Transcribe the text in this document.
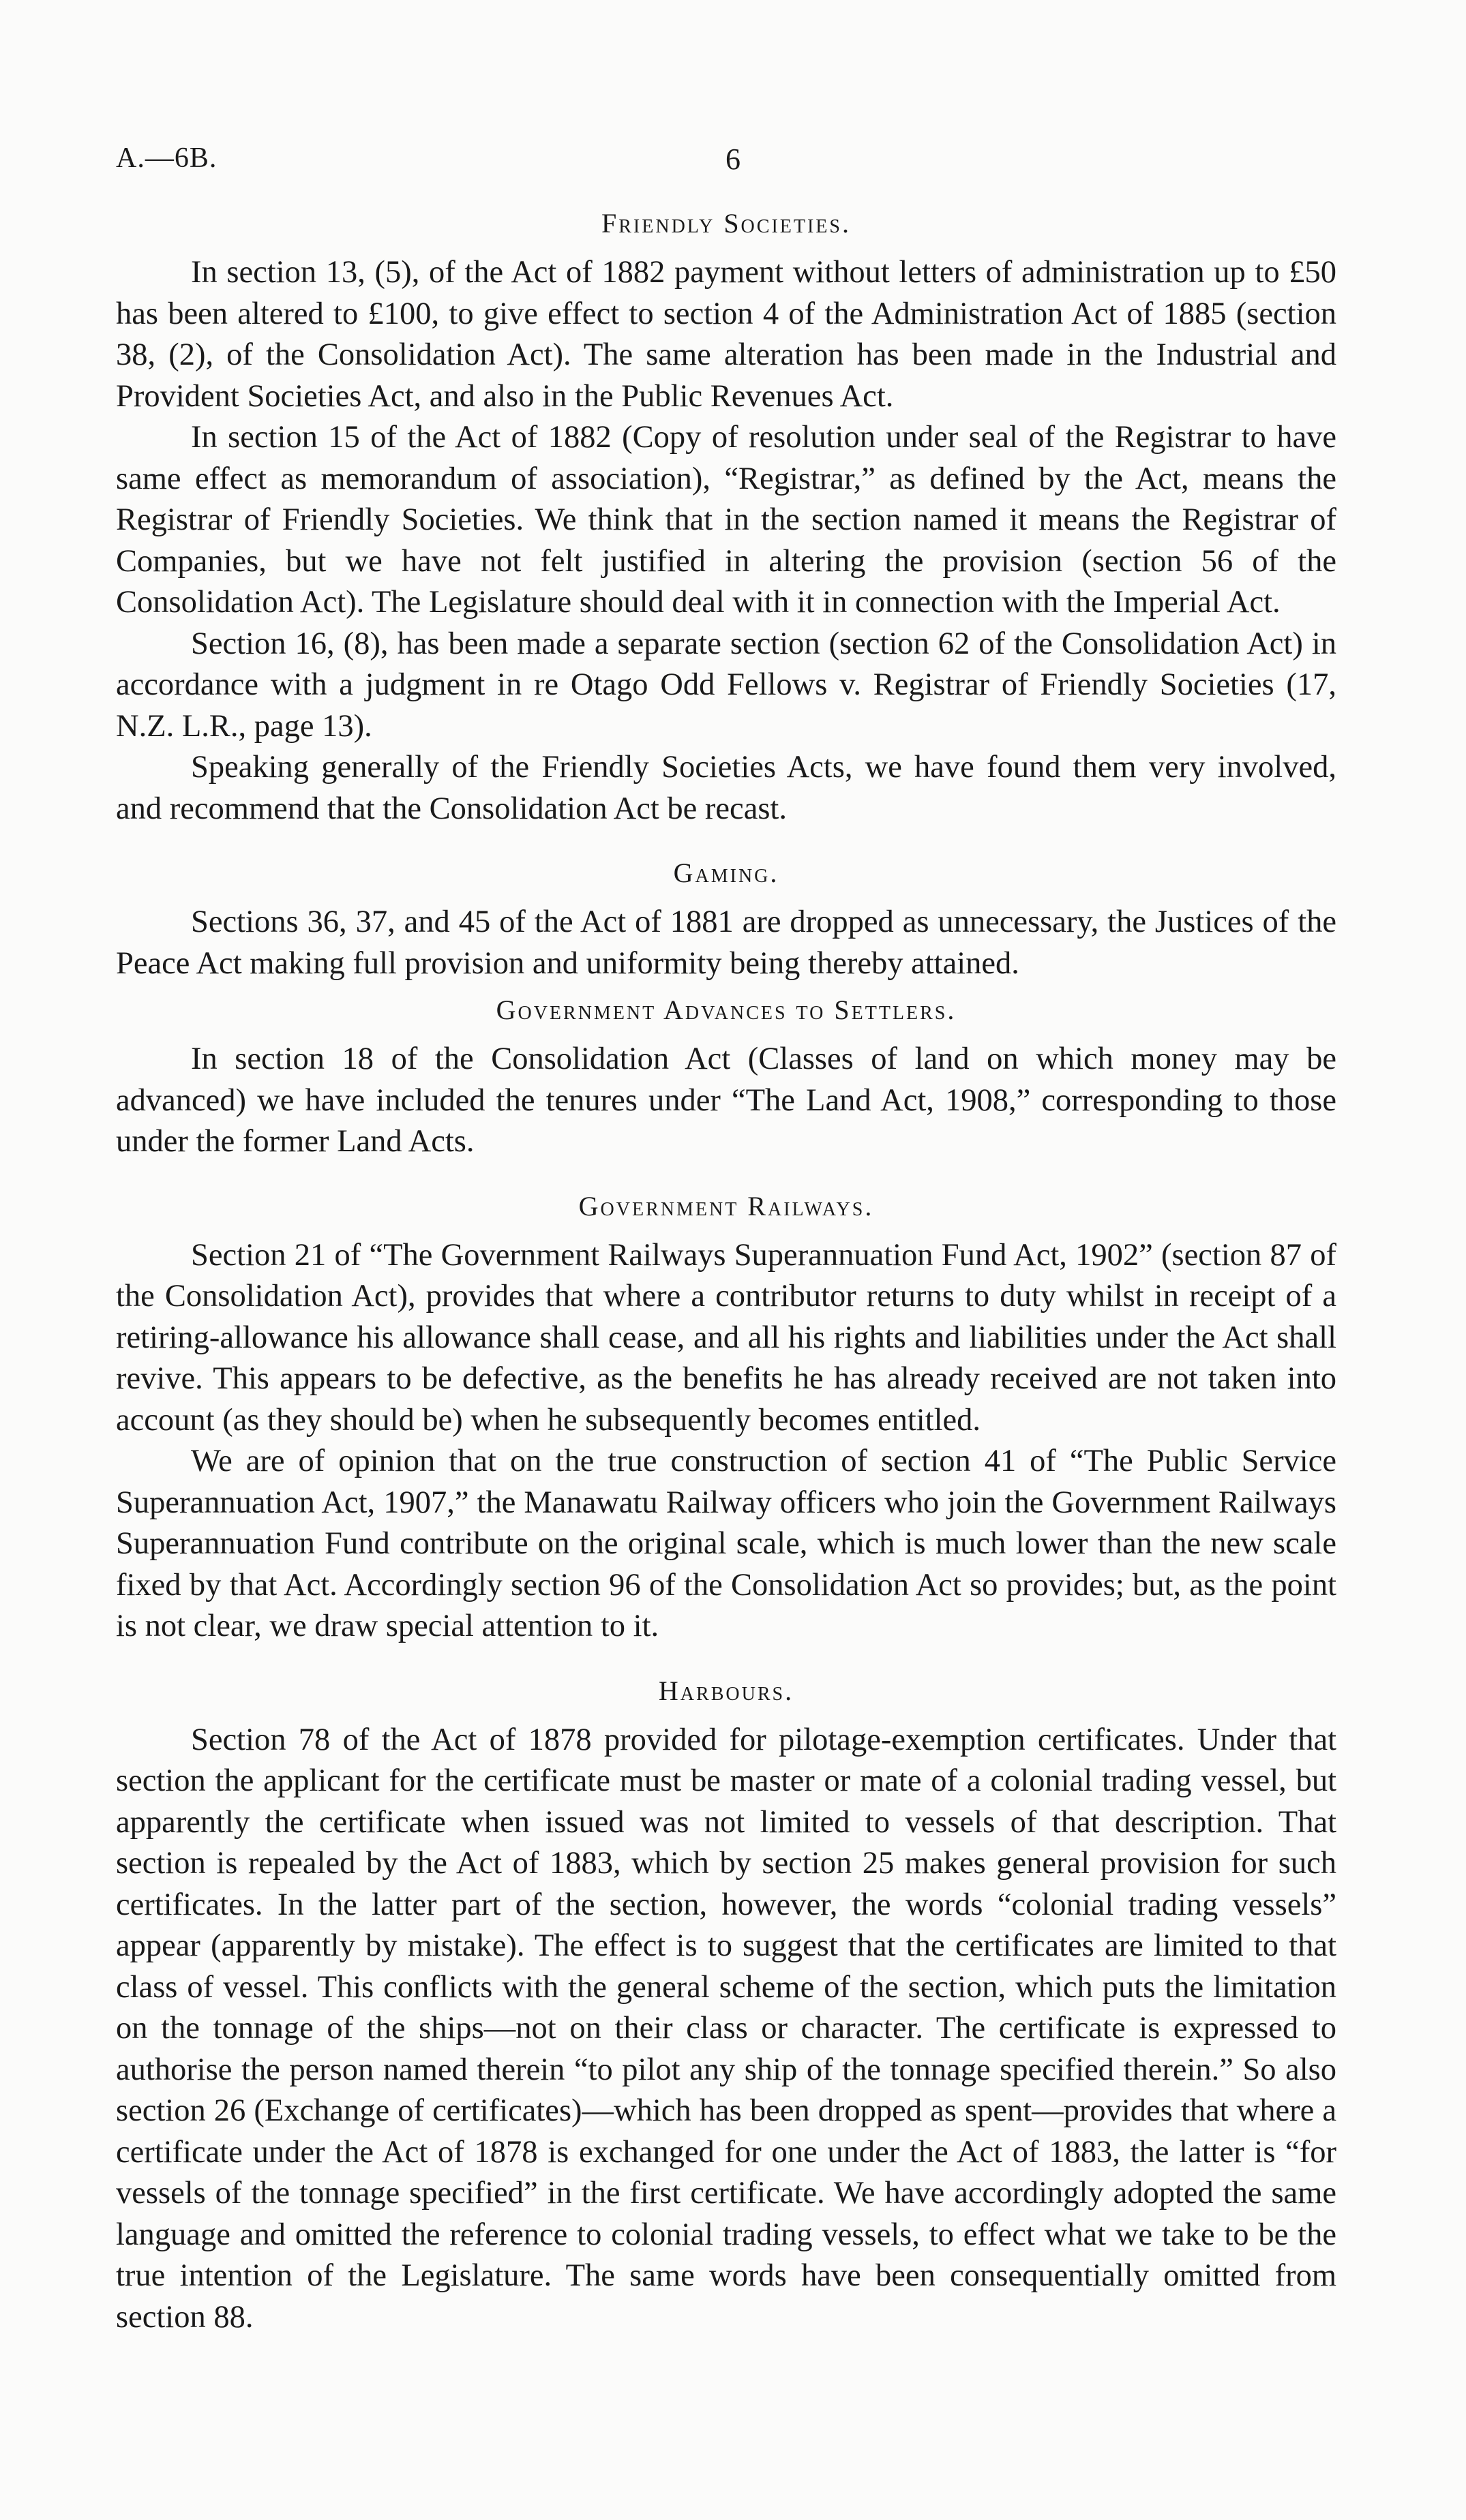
A.—6B.	6
Friendly Societies.

In section 13, (5), of the Act of 1882 payment without letters of administration up to £50 has been altered to £100, to give effect to section 4 of the Administration Act of 1885 (section 38, (2), of the Consolidation Act). The same alteration has been made in the Industrial and Provident Societies Act, and also in the Public Revenues Act.

In section 15 of the Act of 1882 (Copy of resolution under seal of the Registrar to have same effect as memorandum of association), “Registrar,” as defined by the Act, means the Registrar of Friendly Societies. We think that in the section named it means the Registrar of Companies, but we have not felt justified in altering the provision (section 56 of the Consolidation Act). The Legislature should deal with it in connection with the Imperial Act.

Section 16, (8), has been made a separate section (section 62 of the Consolidation Act) in accordance with a judgment in re Otago Odd Fellows v. Registrar of Friendly Societies (17, N.Z. L.R., page 13).

Speaking generally of the Friendly Societies Acts, we have found them very involved, and recommend that the Consolidation Act be recast.

Gaming.

Sections 36, 37, and 45 of the Act of 1881 are dropped as unnecessary, the Justices of the Peace Act making full provision and uniformity being thereby attained.

Government Advances to Settlers.

In section 18 of the Consolidation Act (Classes of land on which money may be advanced) we have included the tenures under “The Land Act, 1908,” corresponding to those under the former Land Acts.

Government Railways.

Section 21 of “The Government Railways Superannuation Fund Act, 1902” (section 87 of the Consolidation Act), provides that where a contributor returns to duty whilst in receipt of a retiring-allowance his allowance shall cease, and all his rights and liabilities under the Act shall revive. This appears to be defective, as the benefits he has already received are not taken into account (as they should be) when he subsequently becomes entitled.

We are of opinion that on the true construction of section 41 of “The Public Service Superannuation Act, 1907,” the Manawatu Railway officers who join the Government Railways Superannuation Fund contribute on the original scale, which is much lower than the new scale fixed by that Act. Accordingly section 96 of the Consolidation Act so provides; but, as the point is not clear, we draw special attention to it.

Harbours.

Section 78 of the Act of 1878 provided for pilotage-exemption certificates. Under that section the applicant for the certificate must be master or mate of a colonial trading vessel, but apparently the certificate when issued was not limited to vessels of that description. That section is repealed by the Act of 1883, which by section 25 makes general provision for such certificates. In the latter part of the section, however, the words “colonial trading vessels” appear (apparently by mistake). The effect is to suggest that the certificates are limited to that class of vessel. This conflicts with the general scheme of the section, which puts the limitation on the tonnage of the ships—not on their class or character. The certificate is expressed to authorise the person named therein “to pilot any ship of the tonnage specified therein.” So also section 26 (Exchange of certificates)—which has been dropped as spent—provides that where a certificate under the Act of 1878 is exchanged for one under the Act of 1883, the latter is “for vessels of the tonnage specified” in the first certificate. We have accordingly adopted the same language and omitted the reference to colonial trading vessels, to effect what we take to be the true intention of the Legislature. The same words have been consequentially omitted from section 88.
